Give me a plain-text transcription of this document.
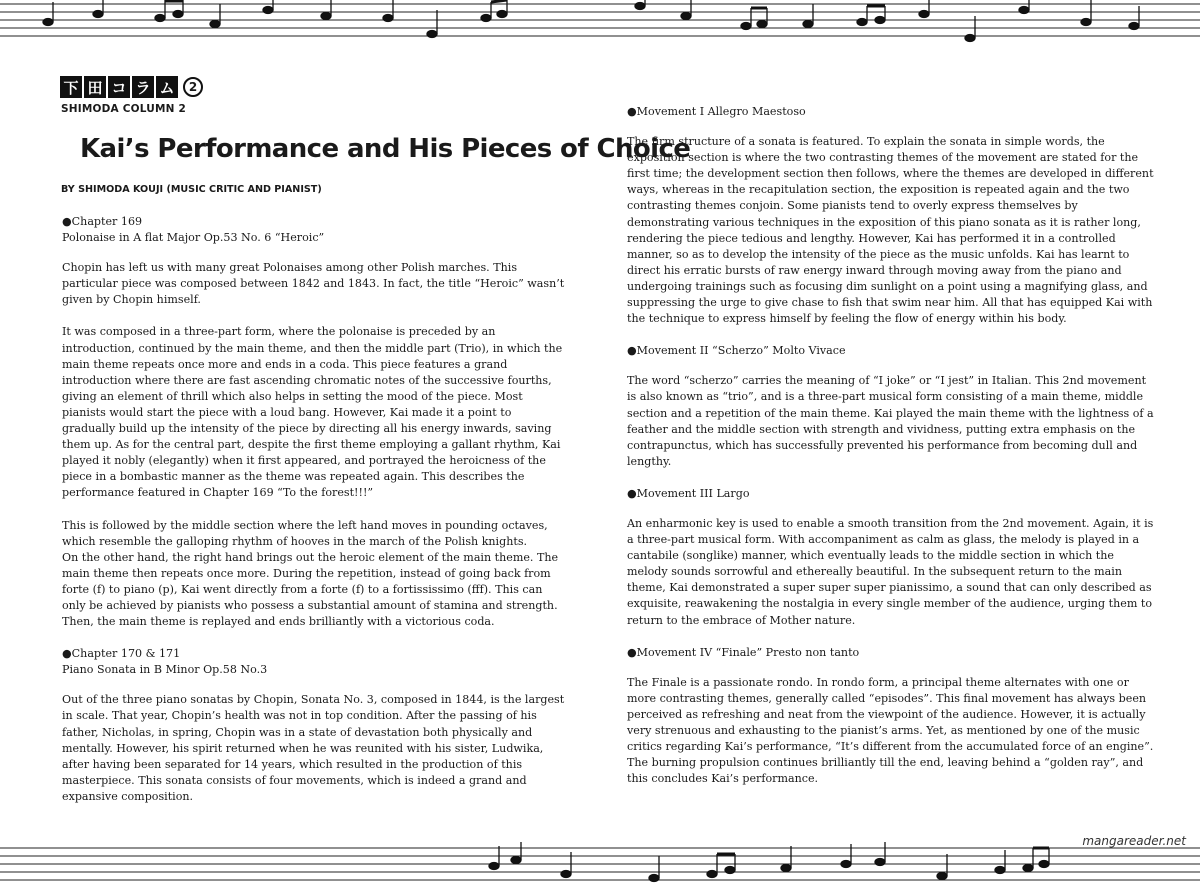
下 田 コ ラ ム	2
SHIMODA COLUMN 2
Kai’s Performance and His Pieces of Choice
BY SHIMODA KOUJI (MUSIC CRITIC AND PIANIST)
●Chapter 169
Polonaise in A flat Major Op.53 No. 6 “Heroic”

Chopin has left us with many great Polonaises among other Polish marches. This particular piece was composed between 1842 and 1843. In fact, the title “Heroic” wasn’t given by Chopin himself.

It was composed in a three-part form, where the polonaise is preceded by an introduction, continued by the main theme, and then the middle part (Trio), in which the main theme repeats once more and ends in a coda. This piece features a grand introduction where there are fast ascending chromatic notes of the successive fourths, giving an element of thrill which also helps in setting the mood of the piece. Most pianists would start the piece with a loud bang. However, Kai made it a point to gradually build up the intensity of the piece by directing all his energy inwards, saving them up. As for the central part, despite the first theme employing a gallant rhythm, Kai played it nobly (elegantly) when it first appeared, and portrayed the heroicness of the piece in a bombastic manner as the theme was repeated again. This describes the performance featured in Chapter 169 “To the forest!!!”

This is followed by the middle section where the left hand moves in pounding octaves, which resemble the galloping rhythm of hooves in the march of the Polish knights.

On the other hand, the right hand brings out the heroic element of the main theme. The main theme then repeats once more. During the repetition, instead of going back from forte (f) to piano (p), Kai went directly from a forte (f) to a fortississimo (fff). This can only be achieved by pianists who possess a substantial amount of stamina and strength. Then, the main theme is replayed and ends brilliantly with a victorious coda.

●Chapter 170 & 171
Piano Sonata in B Minor Op.58 No.3

Out of the three piano sonatas by Chopin, Sonata No. 3, composed in 1844, is the largest in scale. That year, Chopin’s health was not in top condition. After the passing of his father, Nicholas, in spring, Chopin was in a state of devastation both physically and mentally. However, his spirit returned when he was reunited with his sister, Ludwika, after having been separated for 14 years, which resulted in the production of this masterpiece. This sonata consists of four movements, which is indeed a grand and expansive composition.

●Movement I Allegro Maestoso

The firm structure of a sonata is featured. To explain the sonata in simple words, the exposition section is where the two contrasting themes of the movement are stated for the first time; the development section then follows, where the themes are developed in different ways, whereas in the recapitulation section, the exposition is repeated again and the two contrasting themes conjoin. Some pianists tend to overly express themselves by demonstrating various techniques in the exposition of this piano sonata as it is rather long, rendering the piece tedious and lengthy. However, Kai has performed it in a controlled manner, so as to develop the intensity of the piece as the music unfolds. Kai has learnt to direct his erratic bursts of raw energy inward through moving away from the piano and undergoing trainings such as focusing dim sunlight on a point using a magnifying glass, and suppressing the urge to give chase to fish that swim near him. All that has equipped Kai with the technique to express himself by feeling the flow of energy within his body.

●Movement II “Scherzo” Molto Vivace

The word “scherzo” carries the meaning of “I joke” or “I jest” in Italian. This 2nd movement is also known as “trio”, and is a three-part musical form consisting of a main theme, middle section and a repetition of the main theme. Kai played the main theme with the lightness of a feather and the middle section with strength and vividness, putting extra emphasis on the contrapunctus, which has successfully prevented his performance from becoming dull and lengthy.

●Movement III Largo

An enharmonic key is used to enable a smooth transition from the 2nd movement. Again, it is a three-part musical form. With accompaniment as calm as glass, the melody is played in a cantabile (songlike) manner, which eventually leads to the middle section in which the melody sounds sorrowful and ethereally beautiful. In the subsequent return to the main theme, Kai demonstrated a super super super pianissimo, a sound that can only described as exquisite, reawakening the nostalgia in every single member of the audience, urging them to return to the embrace of Mother nature.

●Movement IV “Finale” Presto non tanto

The Finale is a passionate rondo. In rondo form, a principal theme alternates with one or more contrasting themes, generally called “episodes”. This final movement has always been perceived as refreshing and neat from the viewpoint of the audience. However, it is actually very strenuous and exhausting to the pianist’s arms. Yet, as mentioned by one of the music critics regarding Kai’s performance, “It’s different from the accumulated force of an engine”. The burning propulsion continues brilliantly till the end, leaving behind a “golden ray”, and this concludes Kai’s performance.

mangareader.net
